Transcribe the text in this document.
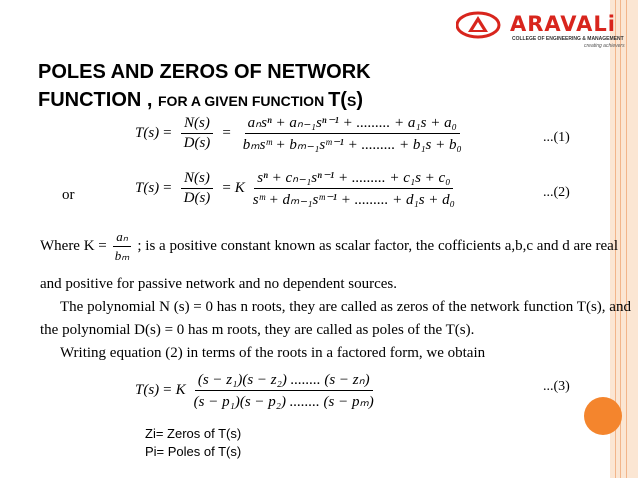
ARAVALi
COLLEGE OF ENGINEERING & MANAGEMENT
creating achievers
POLES AND ZEROS OF NETWORK
FUNCTION , FOR A GIVEN FUNCTION T(S)
$T(s) = \frac{N(s)}{D(s)} = \frac{\text{aₙsⁿ + aₙ₋₁sⁿ⁻¹ + ......... + a₁s + a₀}}{\text{bₘsᵐ + bₘ₋₁sᵐ⁻¹ + ......... + b₁s + b₀}}$	...(1)
or	$T(s) = \frac{N(s)}{D(s)} = K \frac{\text{sⁿ + cₙ₋₁sⁿ⁻¹ + ......... + c₁s + c₀}}{\text{sᵐ + dₘ₋₁sᵐ⁻¹ + ......... + d₁s + d₀}}$	...(2)
Where $K = \frac{\text{aₙ}}{\text{bₘ}}$ ; is a positive constant known as scalar factor, the cofficients a,b,c and d are real
and positive for passive network and no dependent sources.
The polynomial N (s) = 0 has n roots, they are called as zeros of the network function T(s), and
the polynomial D(s) = 0 has m roots, they are called as poles of the T(s).
Writing equation (2) in terms of the roots in a factored form, we obtain
T(s) = K $\frac{\text{(s − z₁)(s − z₂) ........ (s − zₙ)}}{\text{(s − p₁)(s − p₂) ........ (s − pₘ)}}$	...(3)
Zi= Zeros of T(s)
Pi= Poles of T(s)
